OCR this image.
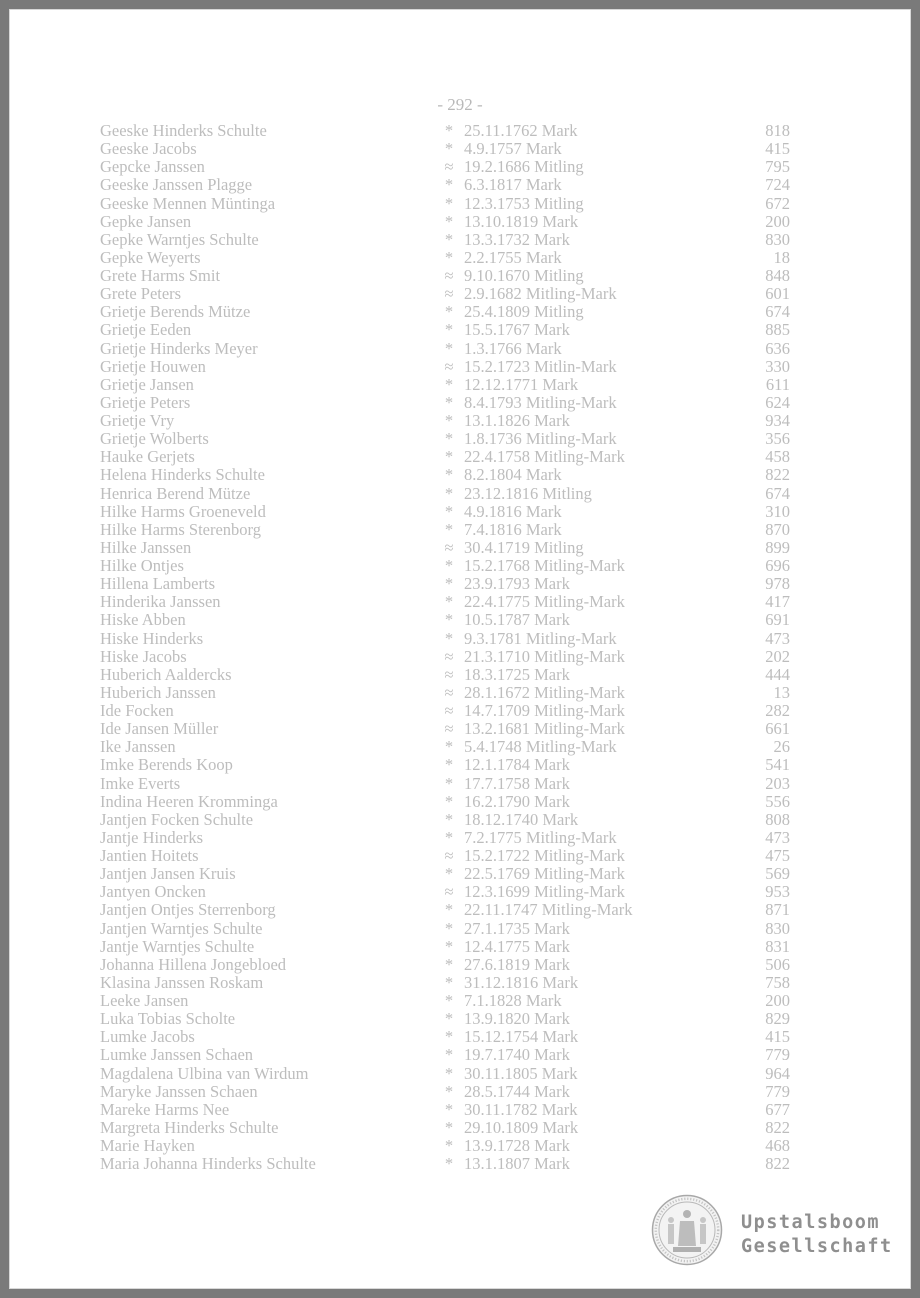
- 292 -
Geeske Hinderks Schulte	* 25.11.1762 Mark	818
Geeske Jacobs	* 4.9.1757 Mark	415
Gepcke Janssen	≈ 19.2.1686 Mitling	795
Geeske Janssen Plagge	* 6.3.1817 Mark	724
Geeske Mennen Müntinga	* 12.3.1753 Mitling	672
Gepke Jansen	* 13.10.1819 Mark	200
Gepke Warntjes Schulte	* 13.3.1732 Mark	830
Gepke Weyerts	* 2.2.1755 Mark	18
Grete Harms Smit	≈ 9.10.1670 Mitling	848
Grete Peters	≈ 2.9.1682 Mitling-Mark	601
Grietje Berends Mütze	* 25.4.1809 Mitling	674
Grietje Eeden	* 15.5.1767 Mark	885
Grietje Hinderks Meyer	* 1.3.1766 Mark	636
Grietje Houwen	≈ 15.2.1723 Mitlin-Mark	330
Grietje Jansen	* 12.12.1771 Mark	611
Grietje Peters	* 8.4.1793 Mitling-Mark	624
Grietje Vry	* 13.1.1826 Mark	934
Grietje Wolberts	* 1.8.1736 Mitling-Mark	356
Hauke Gerjets	* 22.4.1758 Mitling-Mark	458
Helena Hinderks Schulte	* 8.2.1804 Mark	822
Henrica Berend Mütze	* 23.12.1816 Mitling	674
Hilke Harms Groeneveld	* 4.9.1816 Mark	310
Hilke Harms Sterenborg	* 7.4.1816 Mark	870
Hilke Janssen	≈ 30.4.1719 Mitling	899
Hilke Ontjes	* 15.2.1768 Mitling-Mark	696
Hillena Lamberts	* 23.9.1793 Mark	978
Hinderika Janssen	* 22.4.1775 Mitling-Mark	417
Hiske Abben	* 10.5.1787 Mark	691
Hiske Hinderks	* 9.3.1781 Mitling-Mark	473
Hiske Jacobs	≈ 21.3.1710 Mitling-Mark	202
Huberich Aaldercks	≈ 18.3.1725 Mark	444
Huberich Janssen	≈ 28.1.1672 Mitling-Mark	13
Ide Focken	≈ 14.7.1709 Mitling-Mark	282
Ide Jansen Müller	≈ 13.2.1681 Mitling-Mark	661
Ike Janssen	* 5.4.1748 Mitling-Mark	26
Imke Berends Koop	* 12.1.1784 Mark	541
Imke Everts	* 17.7.1758 Mark	203
Indina Heeren Kromminga	* 16.2.1790 Mark	556
Jantjen Focken Schulte	* 18.12.1740 Mark	808
Jantje Hinderks	* 7.2.1775 Mitling-Mark	473
Jantien Hoitets	≈ 15.2.1722 Mitling-Mark	475
Jantjen Jansen Kruis	* 22.5.1769 Mitling-Mark	569
Jantyen Oncken	≈ 12.3.1699 Mitling-Mark	953
Jantjen Ontjes Sterrenborg	* 22.11.1747 Mitling-Mark	871
Jantjen Warntjes Schulte	* 27.1.1735 Mark	830
Jantje Warntjes Schulte	* 12.4.1775 Mark	831
Johanna Hillena Jongebloed	* 27.6.1819 Mark	506
Klasina Janssen Roskam	* 31.12.1816 Mark	758
Leeke Jansen	* 7.1.1828 Mark	200
Luka Tobias Scholte	* 13.9.1820 Mark	829
Lumke Jacobs	* 15.12.1754 Mark	415
Lumke Janssen Schaen	* 19.7.1740 Mark	779
Magdalena Ulbina van Wirdum	* 30.11.1805 Mark	964
Maryke Janssen Schaen	* 28.5.1744 Mark	779
Mareke Harms Nee	* 30.11.1782 Mark	677
Margreta Hinderks Schulte	* 29.10.1809 Mark	822
Marie Hayken	* 13.9.1728 Mark	468
Maria Johanna Hinderks Schulte	* 13.1.1807 Mark	822
Upstalsboom
Gesellschaft
